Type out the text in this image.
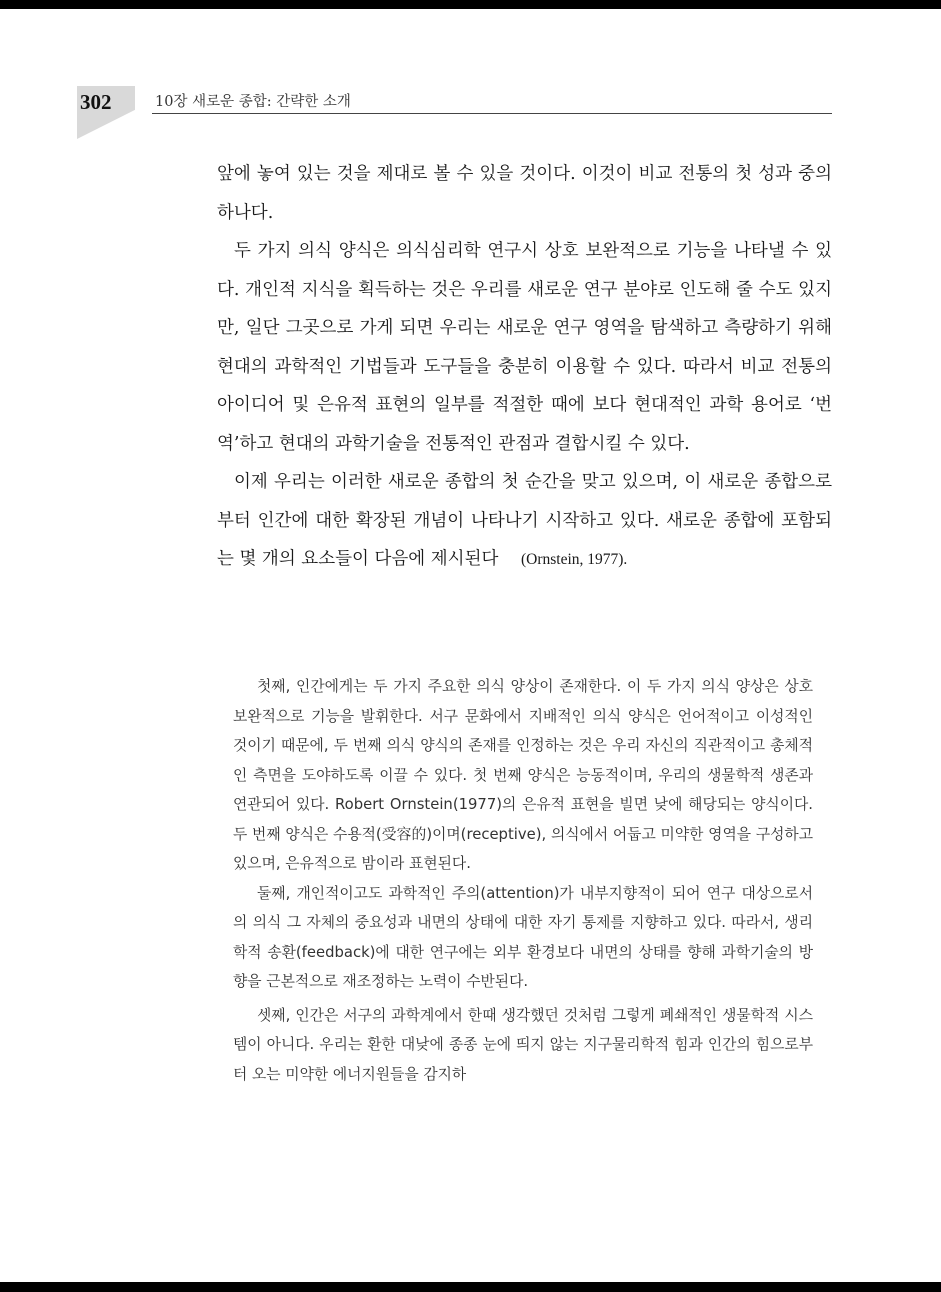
302	10장 새로운 종합: 간략한 소개

앞에 놓여 있는 것을 제대로 볼 수 있을 것이다. 이것이 비교 전통의 첫 성과 중의 하나다.

두 가지 의식 양식은 의식심리학 연구시 상호 보완적으로 기능을 나타낼 수 있다. 개인적 지식을 획득하는 것은 우리를 새로운 연구 분야로 인도해 줄 수도 있지만, 일단 그곳으로 가게 되면 우리는 새로운 연구 영역을 탐색하고 측량하기 위해 현대의 과학적인 기법들과 도구들을 충분히 이용할 수 있다. 따라서 비교 전통의 아이디어 및 은유적 표현의 일부를 적절한 때에 보다 현대적인 과학 용어로 ‘번역’하고 현대의 과학기술을 전통적인 관점과 결합시킬 수 있다.

이제 우리는 이러한 새로운 종합의 첫 순간을 맞고 있으며, 이 새로운 종합으로부터 인간에 대한 확장된 개념이 나타나기 시작하고 있다. 새로운 종합에 포함되는 몇 개의 요소들이 다음에 제시된다 (Ornstein, 1977).

첫째, 인간에게는 두 가지 주요한 의식 양상이 존재한다. 이 두 가지 의식 양상은 상호 보완적으로 기능을 발휘한다. 서구 문화에서 지배적인 의식 양식은 언어적이고 이성적인 것이기 때문에, 두 번째 의식 양식의 존재를 인정하는 것은 우리 자신의 직관적이고 총체적인 측면을 도야하도록 이끌 수 있다. 첫 번째 양식은 능동적이며, 우리의 생물학적 생존과 연관되어 있다. Robert Ornstein(1977)의 은유적 표현을 빌면 낮에 해당되는 양식이다. 두 번째 양식은 수용적(受容的)이며(receptive), 의식에서 어둡고 미약한 영역을 구성하고 있으며, 은유적으로 밤이라 표현된다.

둘째, 개인적이고도 과학적인 주의(attention)가 내부지향적이 되어 연구 대상으로서의 의식 그 자체의 중요성과 내면의 상태에 대한 자기 통제를 지향하고 있다. 따라서, 생리학적 송환(feedback)에 대한 연구에는 외부 환경보다 내면의 상태를 향해 과학기술의 방향을 근본적으로 재조정하는 노력이 수반된다.

셋째, 인간은 서구의 과학계에서 한때 생각했던 것처럼 그렇게 폐쇄적인 생물학적 시스템이 아니다. 우리는 환한 대낮에 종종 눈에 띄지 않는 지구물리학적 힘과 인간의 힘으로부터 오는 미약한 에너지원들을 감지하
